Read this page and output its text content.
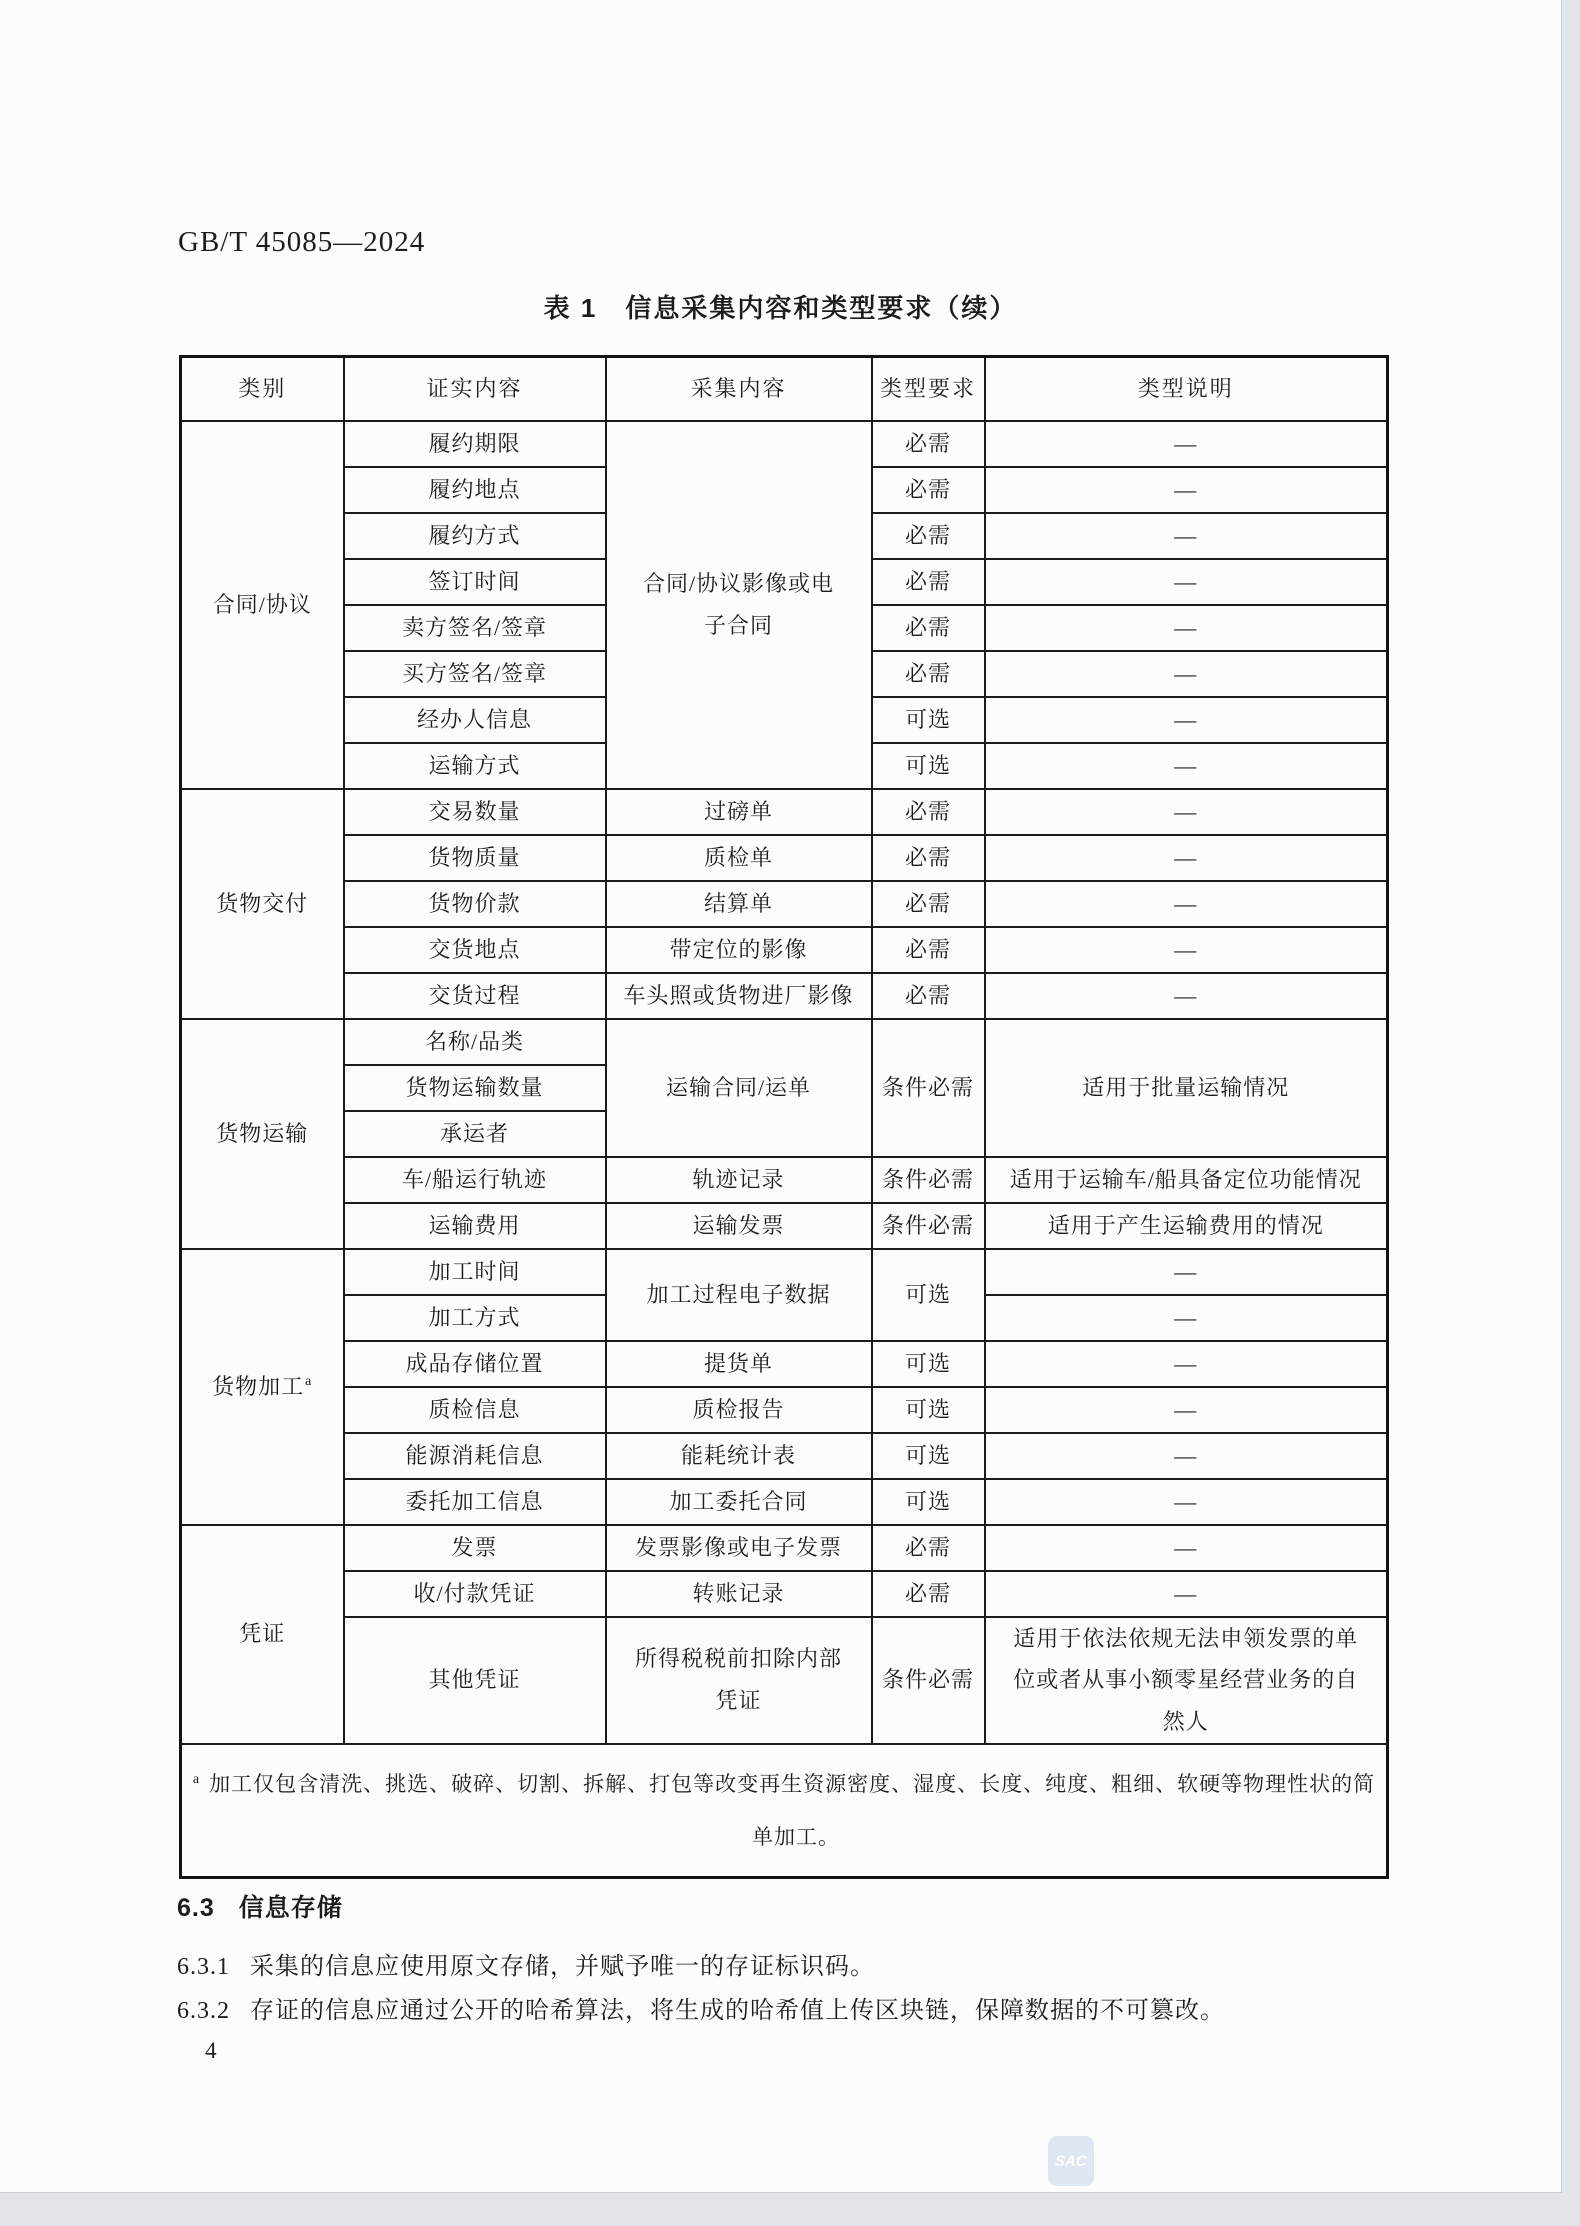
GB/T 45085—2024
表 1　信息采集内容和类型要求（续）
类别	证实内容	采集内容	类型要求	类型说明
合同/协议	履约期限	合同/协议影像或电子合同	必需	—
	履约地点		必需	—
	履约方式		必需	—
	签订时间		必需	—
	卖方签名/签章		必需	—
	买方签名/签章		必需	—
	经办人信息		可选	—
	运输方式		可选	—
货物交付	交易数量	过磅单	必需	—
	货物质量	质检单	必需	—
	货物价款	结算单	必需	—
	交货地点	带定位的影像	必需	—
	交货过程	车头照或货物进厂影像	必需	—
货物运输	名称/品类	运输合同/运单	条件必需	适用于批量运输情况
	货物运输数量			
	承运者			
	车/船运行轨迹	轨迹记录	条件必需	适用于运输车/船具备定位功能情况
	运输费用	运输发票	条件必需	适用于产生运输费用的情况
货物加工$^a$	加工时间	加工过程电子数据	可选	—
	加工方式			—
	成品存储位置	提货单	可选	—
	质检信息	质检报告	可选	—
	能源消耗信息	能耗统计表	可选	—
	委托加工信息	加工委托合同	可选	—
凭证	发票	发票影像或电子发票	必需	—
	收/付款凭证	转账记录	必需	—
	其他凭证	所得税税前扣除内部凭证	条件必需	适用于依法依规无法申领发票的单位或者从事小额零星经营业务的自然人

$^a$ 加工仅包含清洗、挑选、破碎、切割、拆解、打包等改变再生资源密度、湿度、长度、纯度、粗细、软硬等物理性状的简单加工。				
6.3 信息存储

6.3.1 采集的信息应使用原文存储，并赋予唯一的存证标识码。

6.3.2 存证的信息应通过公开的哈希算法，将生成的哈希值上传区块链，保障数据的不可篡改。

4
SAC
